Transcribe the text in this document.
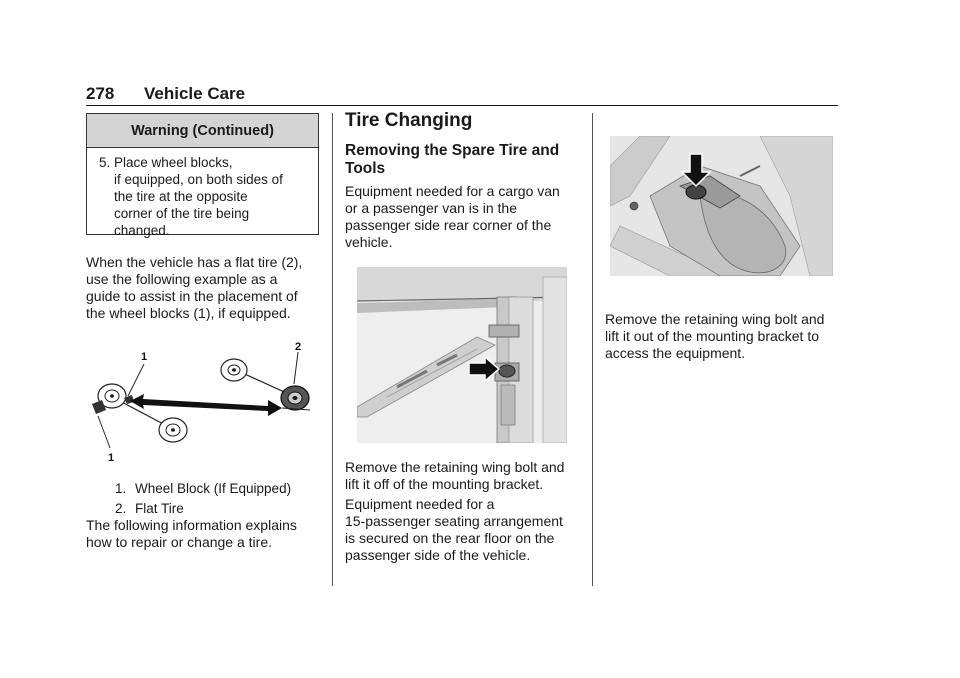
278 Vehicle Care
Warning (Continued)
5. Place wheel blocks,
if equipped, on both sides of
the tire at the opposite
corner of the tire being
changed.
When the vehicle has a flat tire (2),
use the following example as a
guide to assist in the placement of
the wheel blocks (1), if equipped.
1
1
2
1. Wheel Block (If Equipped)
2. Flat Tire
The following information explains
how to repair or change a tire.
Tire Changing
Removing the Spare Tire and
Tools
Equipment needed for a cargo van
or a passenger van is in the
passenger side rear corner of the
vehicle.
Remove the retaining wing bolt and
lift it off of the mounting bracket.
Equipment needed for a
15-passenger seating arrangement
is secured on the rear floor on the
passenger side of the vehicle.
Remove the retaining wing bolt and
lift it out of the mounting bracket to
access the equipment.
